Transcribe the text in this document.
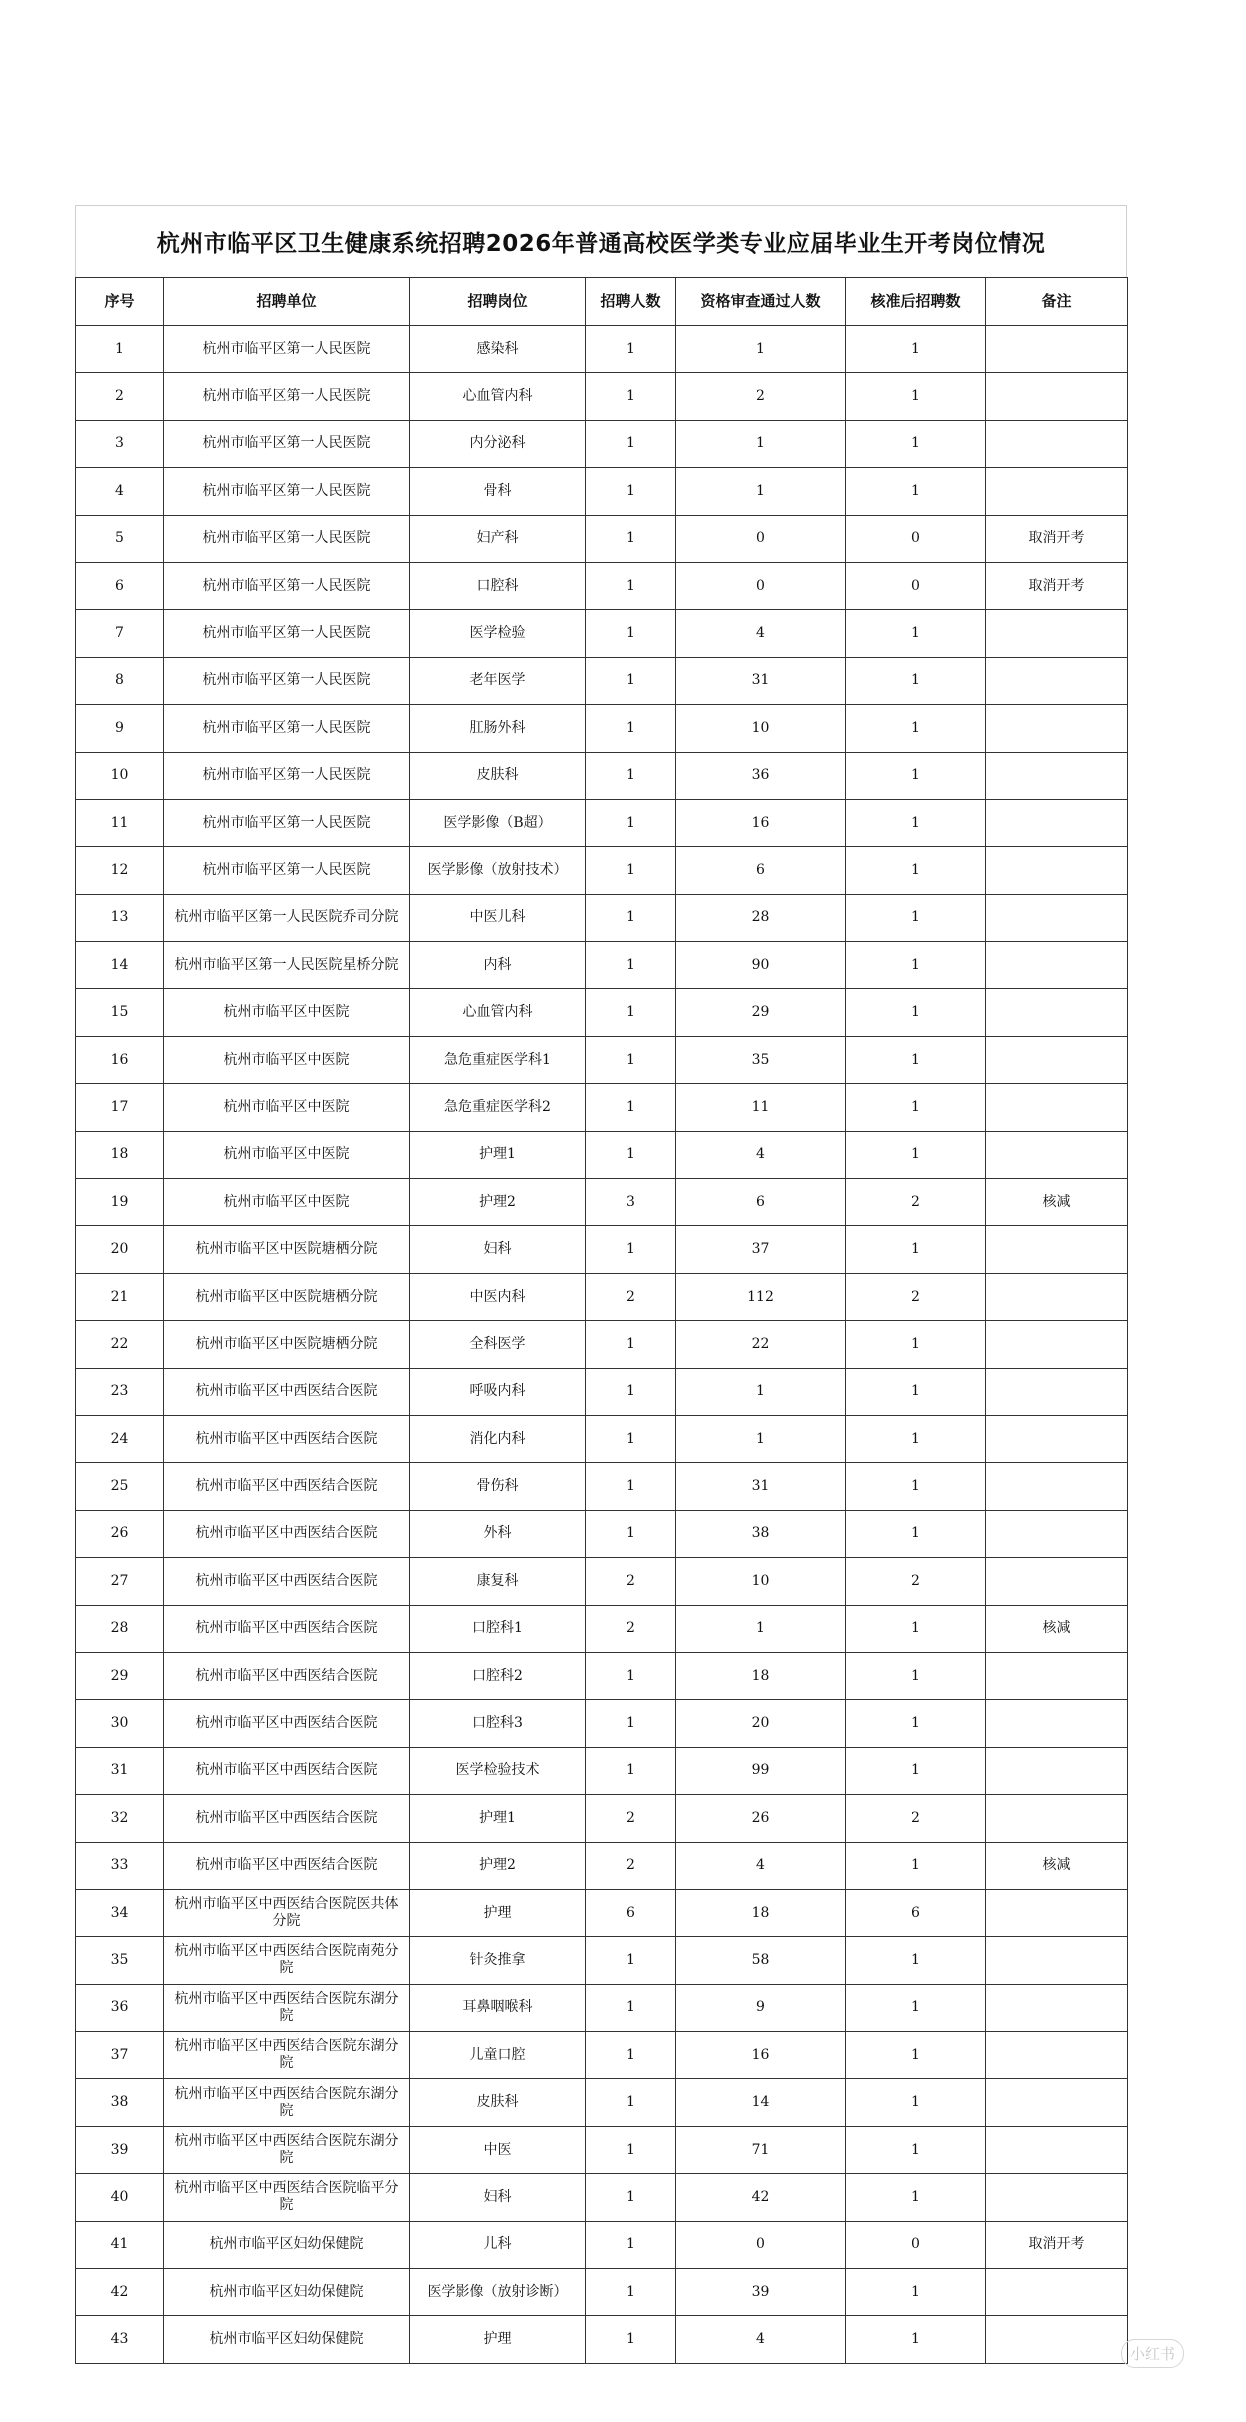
杭州市临平区卫生健康系统招聘2026年普通高校医学类专业应届毕业生开考岗位情况
序号	招聘单位	招聘岗位	招聘人数	资格审查通过人数	核准后招聘数	备注
1	杭州市临平区第一人民医院	感染科	1	1	1	
2	杭州市临平区第一人民医院	心血管内科	1	2	1	
3	杭州市临平区第一人民医院	内分泌科	1	1	1	
4	杭州市临平区第一人民医院	骨科	1	1	1	
5	杭州市临平区第一人民医院	妇产科	1	0	0	取消开考
6	杭州市临平区第一人民医院	口腔科	1	0	0	取消开考
7	杭州市临平区第一人民医院	医学检验	1	4	1	
8	杭州市临平区第一人民医院	老年医学	1	31	1	
9	杭州市临平区第一人民医院	肛肠外科	1	10	1	
10	杭州市临平区第一人民医院	皮肤科	1	36	1	
11	杭州市临平区第一人民医院	医学影像（B超）	1	16	1	
12	杭州市临平区第一人民医院	医学影像（放射技术）	1	6	1	
13	杭州市临平区第一人民医院乔司分院	中医儿科	1	28	1	
14	杭州市临平区第一人民医院星桥分院	内科	1	90	1	
15	杭州市临平区中医院	心血管内科	1	29	1	
16	杭州市临平区中医院	急危重症医学科1	1	35	1	
17	杭州市临平区中医院	急危重症医学科2	1	11	1	
18	杭州市临平区中医院	护理1	1	4	1	
19	杭州市临平区中医院	护理2	3	6	2	核减
20	杭州市临平区中医院塘栖分院	妇科	1	37	1	
21	杭州市临平区中医院塘栖分院	中医内科	2	112	2	
22	杭州市临平区中医院塘栖分院	全科医学	1	22	1	
23	杭州市临平区中西医结合医院	呼吸内科	1	1	1	
24	杭州市临平区中西医结合医院	消化内科	1	1	1	
25	杭州市临平区中西医结合医院	骨伤科	1	31	1	
26	杭州市临平区中西医结合医院	外科	1	38	1	
27	杭州市临平区中西医结合医院	康复科	2	10	2	
28	杭州市临平区中西医结合医院	口腔科1	2	1	1	核减
29	杭州市临平区中西医结合医院	口腔科2	1	18	1	
30	杭州市临平区中西医结合医院	口腔科3	1	20	1	
31	杭州市临平区中西医结合医院	医学检验技术	1	99	1	
32	杭州市临平区中西医结合医院	护理1	2	26	2	
33	杭州市临平区中西医结合医院	护理2	2	4	1	核减
34	杭州市临平区中西医结合医院医共体分院	护理	6	18	6	
35	杭州市临平区中西医结合医院南苑分院	针灸推拿	1	58	1	
36	杭州市临平区中西医结合医院东湖分院	耳鼻咽喉科	1	9	1	
37	杭州市临平区中西医结合医院东湖分院	儿童口腔	1	16	1	
38	杭州市临平区中西医结合医院东湖分院	皮肤科	1	14	1	
39	杭州市临平区中西医结合医院东湖分院	中医	1	71	1	
40	杭州市临平区中西医结合医院临平分院	妇科	1	42	1	
41	杭州市临平区妇幼保健院	儿科	1	0	0	取消开考
42	杭州市临平区妇幼保健院	医学影像（放射诊断）	1	39	1	
43	杭州市临平区妇幼保健院	护理	1	4	1	
小红书
